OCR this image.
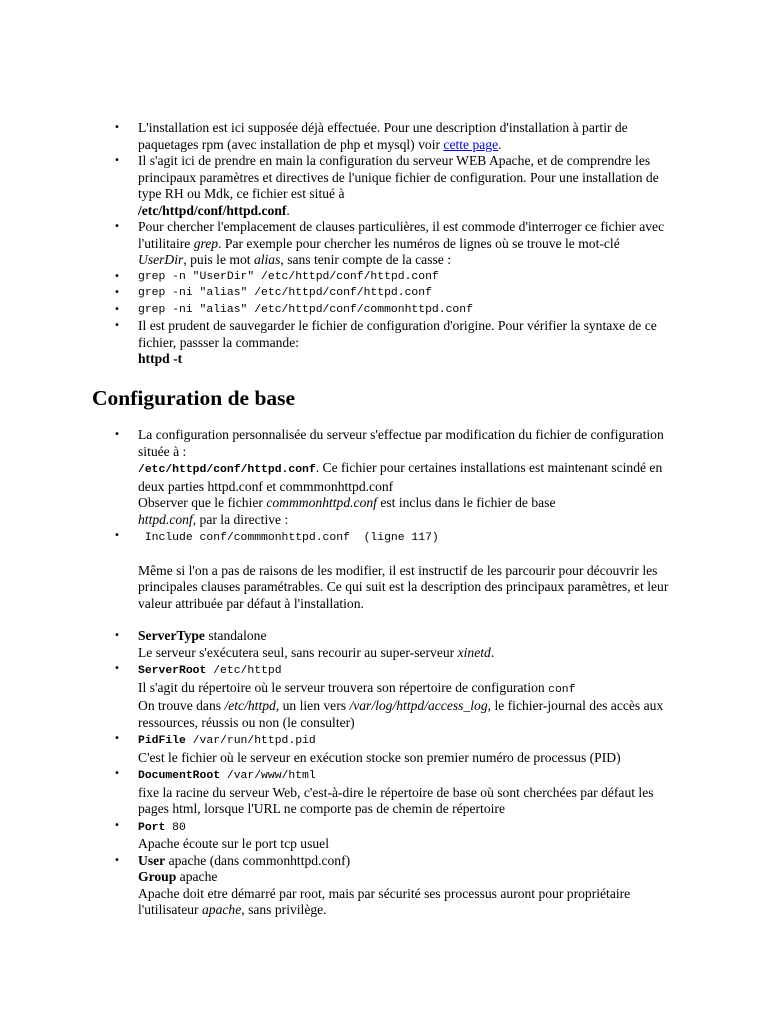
• L'installation est ici supposée déjà effectuée. Pour une description d'installation à partir de paquetages rpm (avec installation de php et mysql) voir cette page.
• Il s'agit ici de prendre en main la configuration du serveur WEB Apache, et de comprendre les principaux paramètres et directives de l'unique fichier de configuration. Pour une installation de type RH ou Mdk, ce fichier est situé à
/etc/httpd/conf/httpd.conf.
• Pour chercher l'emplacement de clauses particulières, il est commode d'interroger ce fichier avec l'utilitaire grep. Par exemple pour chercher les numéros de lignes où se trouve le mot-clé UserDir, puis le mot alias, sans tenir compte de la casse :
• grep -n "UserDir" /etc/httpd/conf/httpd.conf
• grep -ni "alias" /etc/httpd/conf/httpd.conf
• grep -ni "alias" /etc/httpd/conf/commonhttpd.conf
• Il est prudent de sauvegarder le fichier de configuration d'origine. Pour vérifier la syntaxe de ce fichier, passser la commande:
httpd -t
Configuration de base
• La configuration personnalisée du serveur s'effectue par modification du fichier de configuration située à :
/etc/httpd/conf/httpd.conf. Ce fichier pour certaines installations est maintenant scindé en deux parties httpd.conf et commmonhttpd.conf
Observer que le fichier commmonhttpd.conf est inclus dans le fichier de base
httpd.conf, par la directive :
•  Include conf/commmonhttpd.conf  (ligne 117)
Même si l'on a pas de raisons de les modifier, il est instructif de les parcourir pour découvrir les principales clauses paramétrables. Ce qui suit est la description des principaux paramètres, et leur valeur attribuée par défaut à l'installation.
• ServerType standalone
Le serveur s'exécutera seul, sans recourir au super-serveur xinetd.
• ServerRoot /etc/httpd
Il s'agit du répertoire où le serveur trouvera son répertoire de configuration conf
On trouve dans /etc/httpd, un lien vers /var/log/httpd/access_log, le fichier-journal des accès aux ressources, réussis ou non (le consulter)
• PidFile /var/run/httpd.pid
C'est le fichier où le serveur en exécution stocke son premier numéro de processus (PID)
• DocumentRoot /var/www/html
fixe la racine du serveur Web, c'est-à-dire le répertoire de base où sont cherchées par défaut les pages html, lorsque l'URL ne comporte pas de chemin de répertoire
• Port 80
Apache écoute sur le port tcp usuel
• User apache (dans commonhttpd.conf)
Group apache
Apache doit etre démarré par root, mais par sécurité ses processus auront pour propriétaire l'utilisateur apache, sans privilège.
